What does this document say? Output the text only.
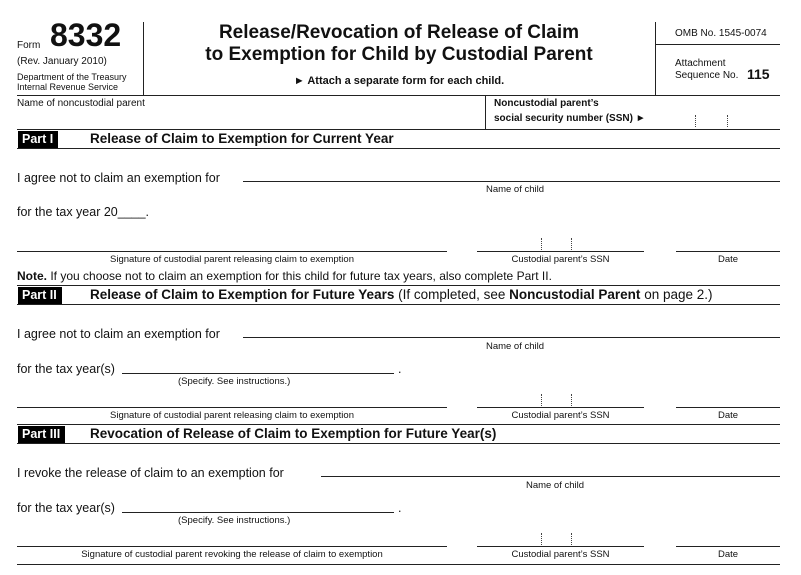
Form 8332
(Rev. January 2010)
Department of the Treasury
Internal Revenue Service
Release/Revocation of Release of Claim
to Exemption for Child by Custodial Parent
► Attach a separate form for each child.
OMB No. 1545-0074
Attachment
Sequence No. 115
Name of noncustodial parent	Noncustodial parent’s
social security number (SSN) ►
Part I	Release of Claim to Exemption for Current Year
I agree not to claim an exemption for
Name of child
for the tax year 20____.
Signature of custodial parent releasing claim to exemption	Custodial parent’s SSN	Date
Note. If you choose not to claim an exemption for this child for future tax years, also complete Part II.
Part II	Release of Claim to Exemption for Future Years (If completed, see Noncustodial Parent on page 2.)
I agree not to claim an exemption for
Name of child
for the tax year(s)	.
(Specify. See instructions.)
Signature of custodial parent releasing claim to exemption	Custodial parent’s SSN	Date
Part III	Revocation of Release of Claim to Exemption for Future Year(s)
I revoke the release of claim to an exemption for
Name of child
for the tax year(s)	.
(Specify. See instructions.)
Signature of custodial parent revoking the release of claim to exemption	Custodial parent’s SSN	Date
